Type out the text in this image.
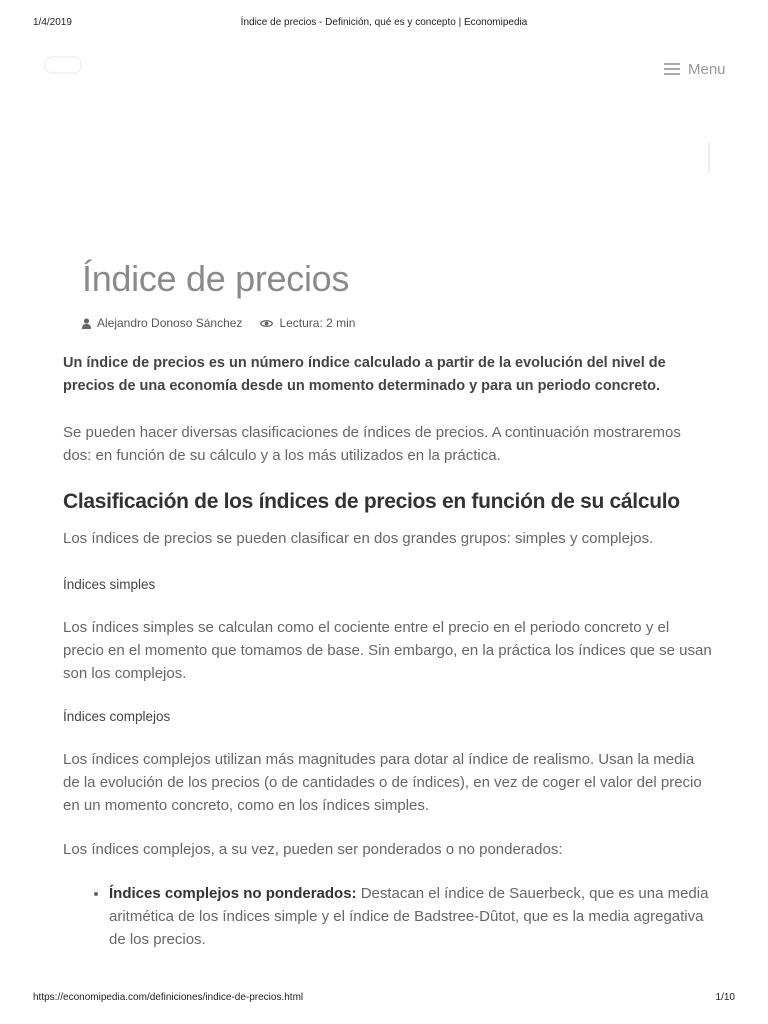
1/4/2019	Índice de precios - Definición, qué es y concepto | Economipedia
Menu
Índice de precios
Alejandro Donoso Sánchez	Lectura: 2 min

Un índice de precios es un número índice calculado a partir de la evolución del nivel de precios de una economía desde un momento determinado y para un periodo concreto.

Se pueden hacer diversas clasificaciones de índices de precios. A continuación mostraremos dos: en función de su cálculo y a los más utilizados en la práctica.

Clasificación de los índices de precios en función de su cálculo

Los índices de precios se pueden clasificar en dos grandes grupos: simples y complejos.

Índices simples

Los índices simples se calculan como el cociente entre el precio en el periodo concreto y el precio en el momento que tomamos de base. Sin embargo, en la práctica los índices que se usan son los complejos.

Índices complejos

Los índices complejos utilizan más magnitudes para dotar al índice de realismo. Usan la media de la evolución de los precios (o de cantidades o de índices), en vez de coger el valor del precio en un momento concreto, como en los índices simples.

Los índices complejos, a su vez, pueden ser ponderados o no ponderados:

• Índices complejos no ponderados: Destacan el índice de Sauerbeck, que es una media aritmética de los índices simple y el índice de Badstree-Dûtot, que es la media agregativa de los precios.
https://economipedia.com/definiciones/indice-de-precios.html	1/10
